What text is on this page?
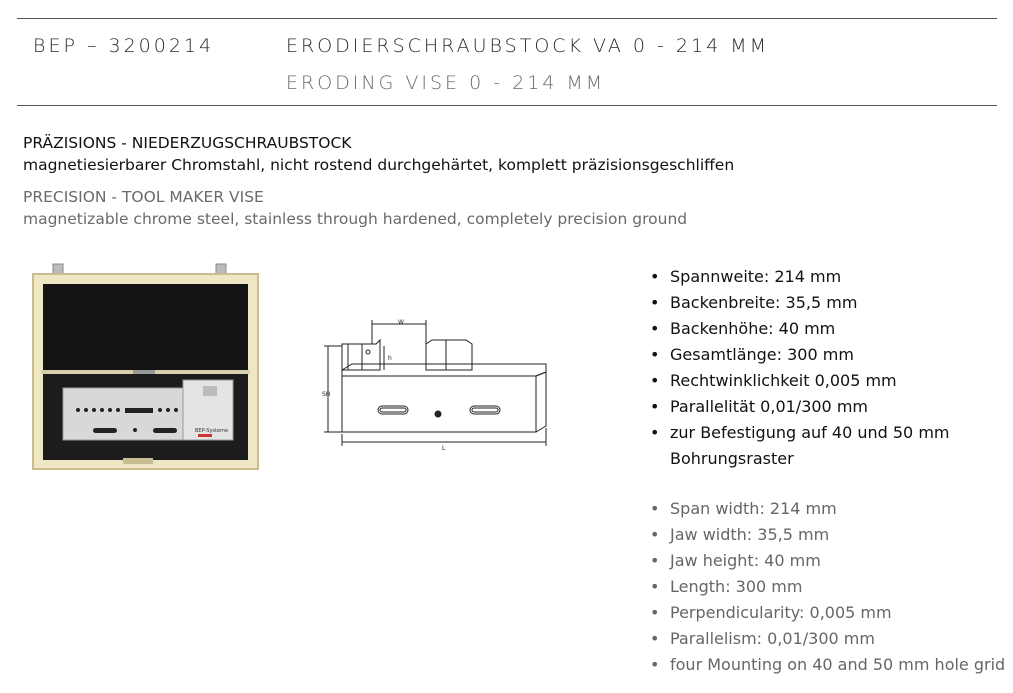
BEP – 3200214	ERODIERSCHRAUBSTOCK VA 0 - 214 MM
ERODING VISE 0 - 214 MM
PRÄZISIONS - NIEDERZUGSCHRAUBSTOCK
magnetiesierbarer Chromstahl, nicht rostend durchgehärtet, komplett präzisionsgeschliffen
PRECISION - TOOL MAKER VISE
magnetizable chrome steel, stainless through hardened, completely precision ground
BEP-Systeme
W
SH
h
L
• Spannweite: 214 mm
• Backenbreite: 35,5 mm
• Backenhöhe: 40 mm
• Gesamtlänge: 300 mm
• Rechtwinklichkeit 0,005 mm
• Parallelität 0,01/300 mm
• zur Befestigung auf 40 und 50 mm Bohrungsraster
• Span width: 214 mm
• Jaw width: 35,5 mm
• Jaw height: 40 mm
• Length: 300 mm
• Perpendicularity: 0,005 mm
• Parallelism: 0,01/300 mm
• four Mounting on 40 and 50 mm hole grid
